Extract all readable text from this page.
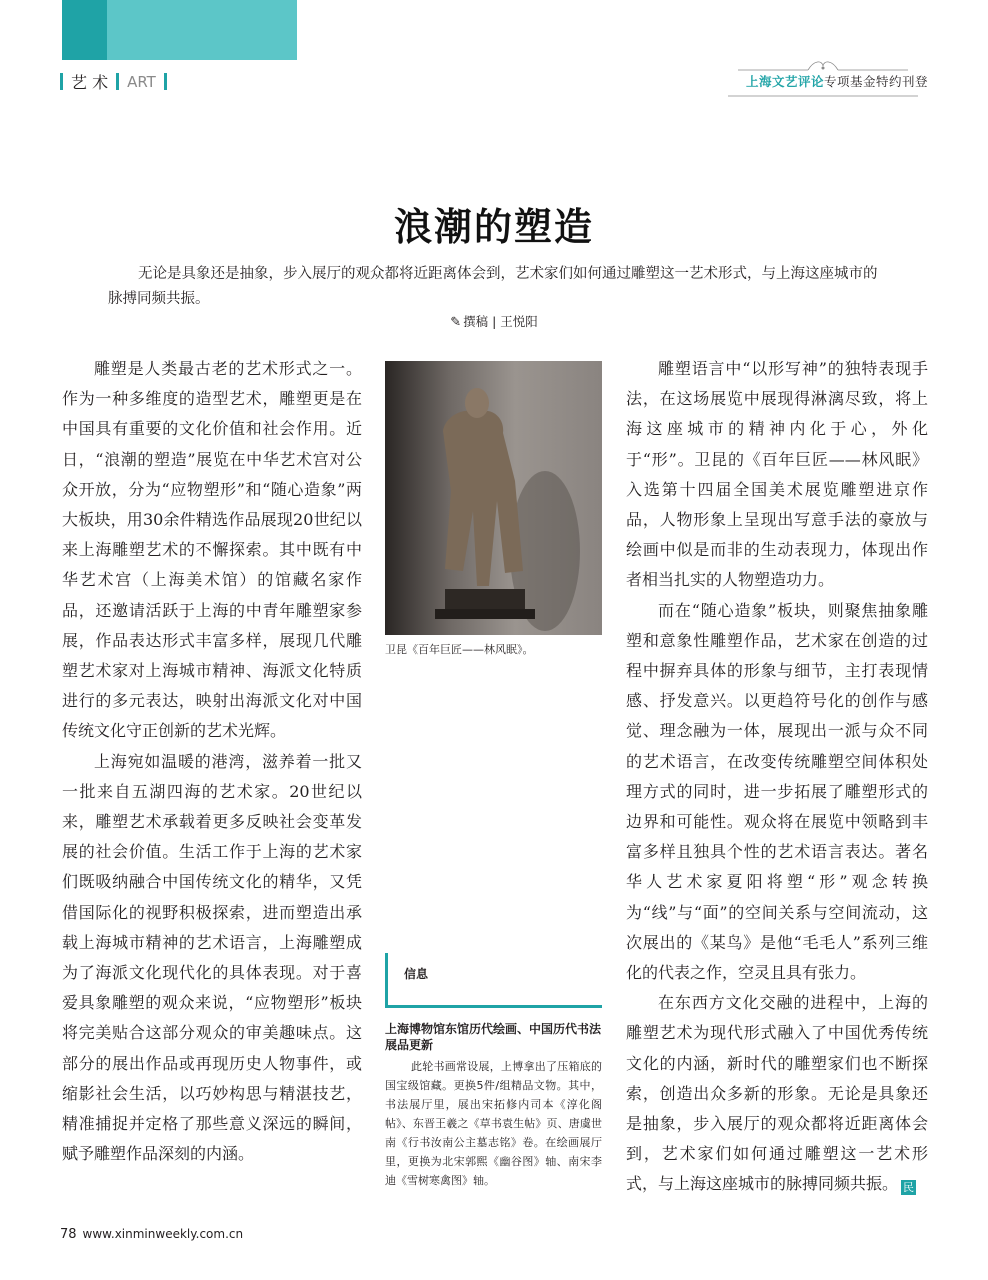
艺 术 ART	上海文艺评论专项基金特约刊登
浪潮的塑造
无论是具象还是抽象，步入展厅的观众都将近距离体会到，艺术家们如何通过雕塑这一艺术形式，与上海这座城市的脉搏同频共振。
✎ 撰稿 | 王悦阳

雕塑是人类最古老的艺术形式之一。作为一种多维度的造型艺术，雕塑更是在中国具有重要的文化价值和社会作用。近日，“浪潮的塑造”展览在中华艺术宫对公众开放，分为“应物塑形”和“随心造象”两大板块，用30余件精选作品展现20世纪以来上海雕塑艺术的不懈探索。其中既有中华艺术宫（上海美术馆）的馆藏名家作品，还邀请活跃于上海的中青年雕塑家参展，作品表达形式丰富多样，展现几代雕塑艺术家对上海城市精神、海派文化特质进行的多元表达，映射出海派文化对中国传统文化守正创新的艺术光辉。

上海宛如温暖的港湾，滋养着一批又一批来自五湖四海的艺术家。20世纪以来，雕塑艺术承载着更多反映社会变革发展的社会价值。生活工作于上海的艺术家们既吸纳融合中国传统文化的精华，又凭借国际化的视野积极探索，进而塑造出承载上海城市精神的艺术语言，上海雕塑成为了海派文化现代化的具体表现。对于喜爱具象雕塑的观众来说，“应物塑形”板块将完美贴合这部分观众的审美趣味点。这部分的展出作品或再现历史人物事件，或缩影社会生活，以巧妙构思与精湛技艺，精准捕捉并定格了那些意义深远的瞬间，赋予雕塑作品深刻的内涵。

卫昆《百年巨匠——林风眠》。
信息
上海博物馆东馆历代绘画、中国历代书法展品更新
此轮书画常设展，上博拿出了压箱底的国宝级馆藏。更换5件/组精品文物。其中，书法展厅里，展出宋拓修内司本《淳化阁帖》、东晋王羲之《草书袁生帖》页、唐虞世南《行书汝南公主墓志铭》卷。在绘画展厅里，更换为北宋郭熙《幽谷图》轴、南宋李迪《雪树寒禽图》轴。

雕塑语言中“以形写神”的独特表现手法，在这场展览中展现得淋漓尽致，将上海这座城市的精神内化于心，外化于“形”。卫昆的《百年巨匠——林风眠》入选第十四届全国美术展览雕塑进京作品，人物形象上呈现出写意手法的豪放与绘画中似是而非的生动表现力，体现出作者相当扎实的人物塑造功力。

而在“随心造象”板块，则聚焦抽象雕塑和意象性雕塑作品，艺术家在创造的过程中摒弃具体的形象与细节，主打表现情感、抒发意兴。以更趋符号化的创作与感觉、理念融为一体，展现出一派与众不同的艺术语言，在改变传统雕塑空间体积处理方式的同时，进一步拓展了雕塑形式的边界和可能性。观众将在展览中领略到丰富多样且独具个性的艺术语言表达。著名华人艺术家夏阳将塑“形”观念转换为“线”与“面”的空间关系与空间流动，这次展出的《某鸟》是他“毛毛人”系列三维化的代表之作，空灵且具有张力。

在东西方文化交融的进程中，上海的雕塑艺术为现代形式融入了中国优秀传统文化的内涵，新时代的雕塑家们也不断探索，创造出众多新的形象。无论是具象还是抽象，步入展厅的观众都将近距离体会到，艺术家们如何通过雕塑这一艺术形式，与上海这座城市的脉搏同频共振。 民

78 www.xinminweekly.com.cn
